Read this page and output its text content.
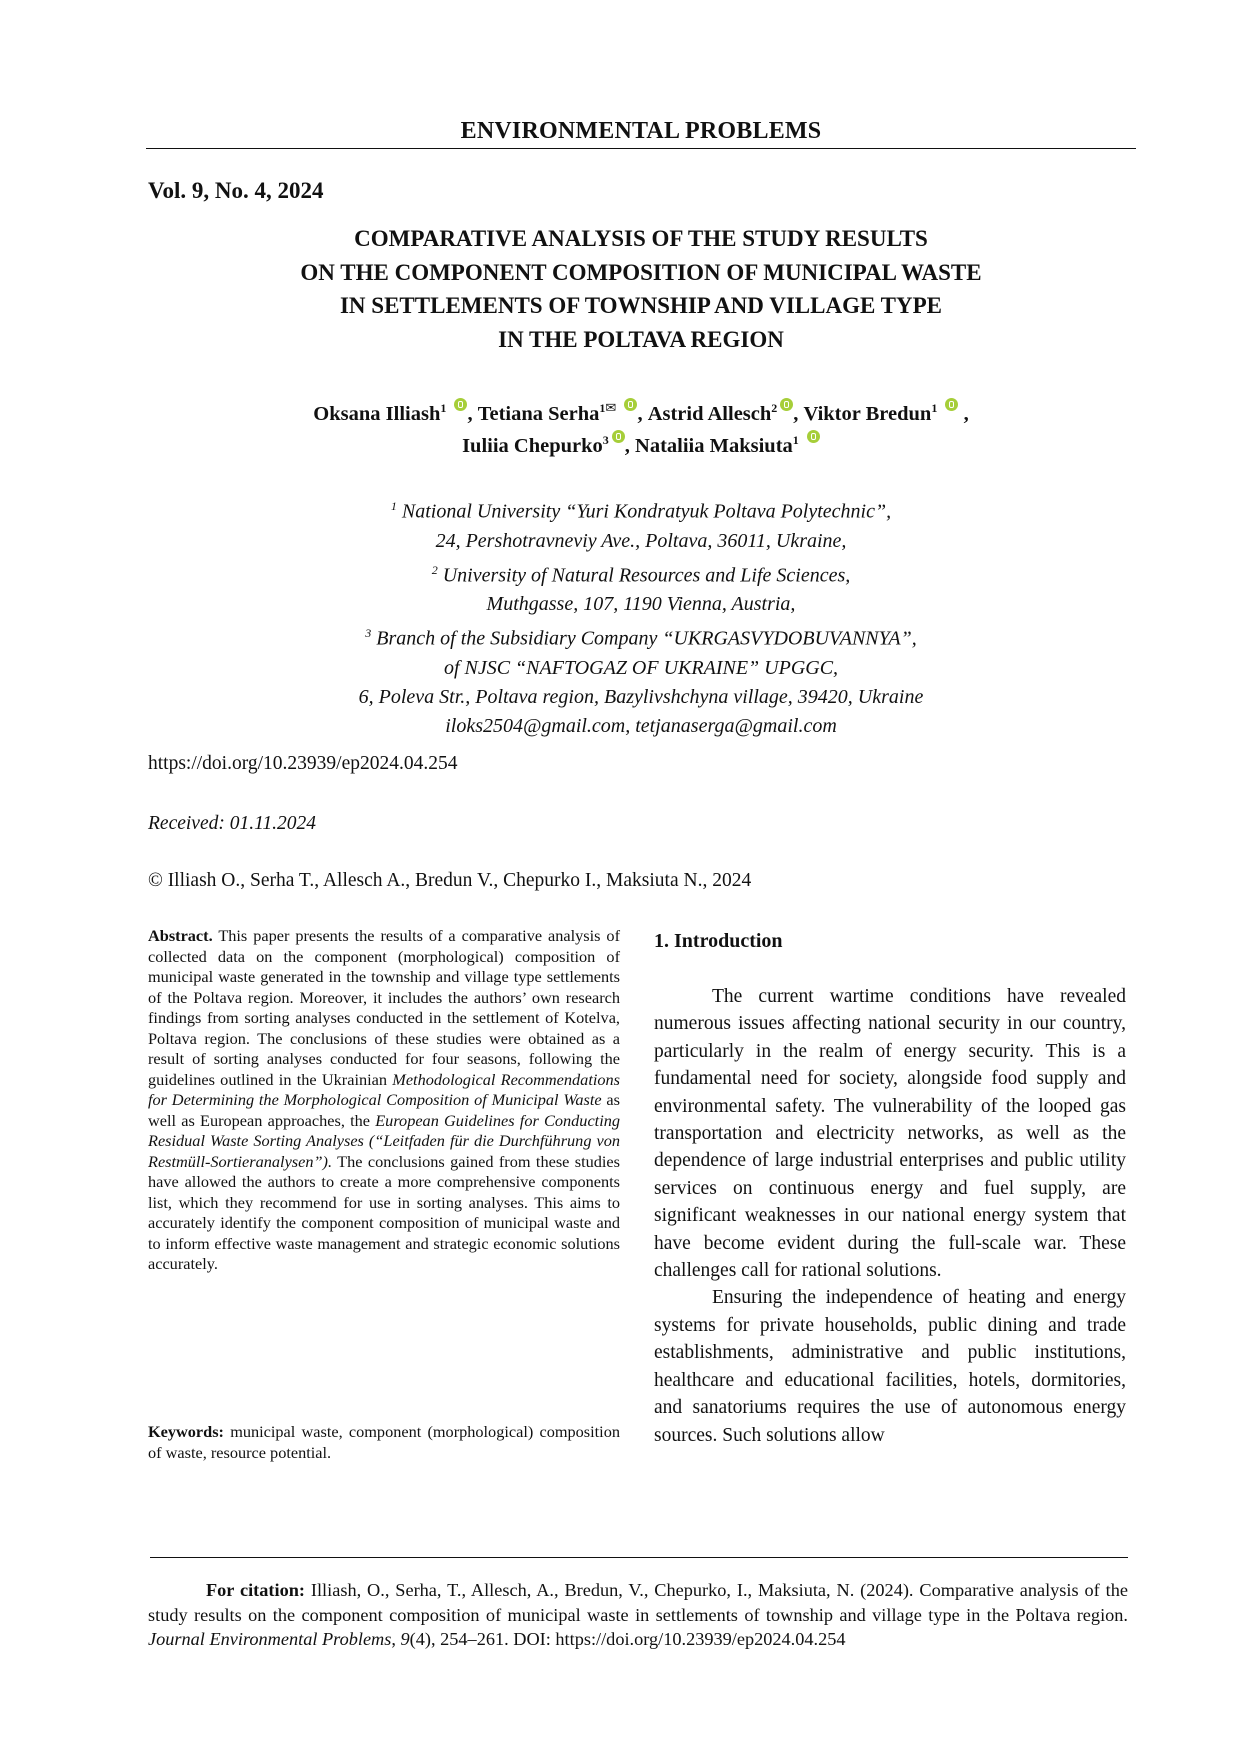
ENVIRONMENTAL PROBLEMS
Vol. 9, No. 4, 2024
COMPARATIVE ANALYSIS OF THE STUDY RESULTS
ON THE COMPONENT COMPOSITION OF MUNICIPAL WASTE
IN SETTLEMENTS OF TOWNSHIP AND VILLAGE TYPE
IN THE POLTAVA REGION
Oksana Illiash$^1$ , Tetiana Serha$^1$✉ , Astrid Allesch$^2$ , Viktor Bredun$^1$  ,
Iuliia Chepurko$^3$ , Nataliia Maksiuta$^1$
$^1$ National University “Yuri Kondratyuk Poltava Polytechnic”,
24, Pershotravneviy Ave., Poltava, 36011, Ukraine,
$^2$ University of Natural Resources and Life Sciences,
Muthgasse, 107, 1190 Vienna, Austria,
$^3$ Branch of the Subsidiary Company “UKRGASVYDOBUVANNYA”,
of NJSC “NAFTOGAZ OF UKRAINE” UPGGC,
6, Poleva Str., Poltava region, Bazylivshchyna village, 39420, Ukraine
iloks2504@gmail.com, tetjanaserga@gmail.com
https://doi.org/10.23939/ep2024.04.254
Received: 01.11.2024
© Illiash O., Serha T., Allesch A., Bredun V., Chepurko I., Maksiuta N., 2024
Abstract. This paper presents the results of a comparative analysis of collected data on the component (morphological) composition of municipal waste generated in the township and village type settlements of the Poltava region. Moreover, it includes the authors’ own research findings from sorting analyses conducted in the settlement of Kotelva, Poltava region. The conclusions of these studies were obtained as a result of sorting analyses conducted for four seasons, following the guidelines outlined in the Ukrainian Methodological Recommendations for Determining the Morphological Composition of Municipal Waste as well as European approaches, the European Guidelines for Conducting Residual Waste Sorting Analyses (“Leitfaden für die Durchführung von Restmüll-Sortieranalysen”). The conclusions gained from these studies have allowed the authors to create a more comprehensive components list, which they recommend for use in sorting analyses. This aims to accurately identify the component composition of municipal waste and to inform effective waste management and strategic economic solutions accurately.
Keywords: municipal waste, component (morphological) composition of waste, resource potential.
1. Introduction

The current wartime conditions have revealed numerous issues affecting national security in our country, particularly in the realm of energy security. This is a fundamental need for society, alongside food supply and environmental safety. The vulnerability of the looped gas transportation and electricity networks, as well as the dependence of large industrial enterprises and public utility services on continuous energy and fuel supply, are significant weaknesses in our national energy system that have become evident during the full-scale war. These challenges call for rational solutions.

Ensuring the independence of heating and energy systems for private households, public dining and trade establishments, administrative and public institutions, healthcare and educational facilities, hotels, dormitories, and sanatoriums requires the use of autonomous energy sources. Such solutions allow

For citation: Illiash, O., Serha, T., Allesch, A., Bredun, V., Chepurko, I., Maksiuta, N. (2024). Comparative analysis of the study results on the component composition of municipal waste in settlements of township and village type in the Poltava region. Journal Environmental Problems, 9(4), 254–261. DOI: https://doi.org/10.23939/ep2024.04.254
